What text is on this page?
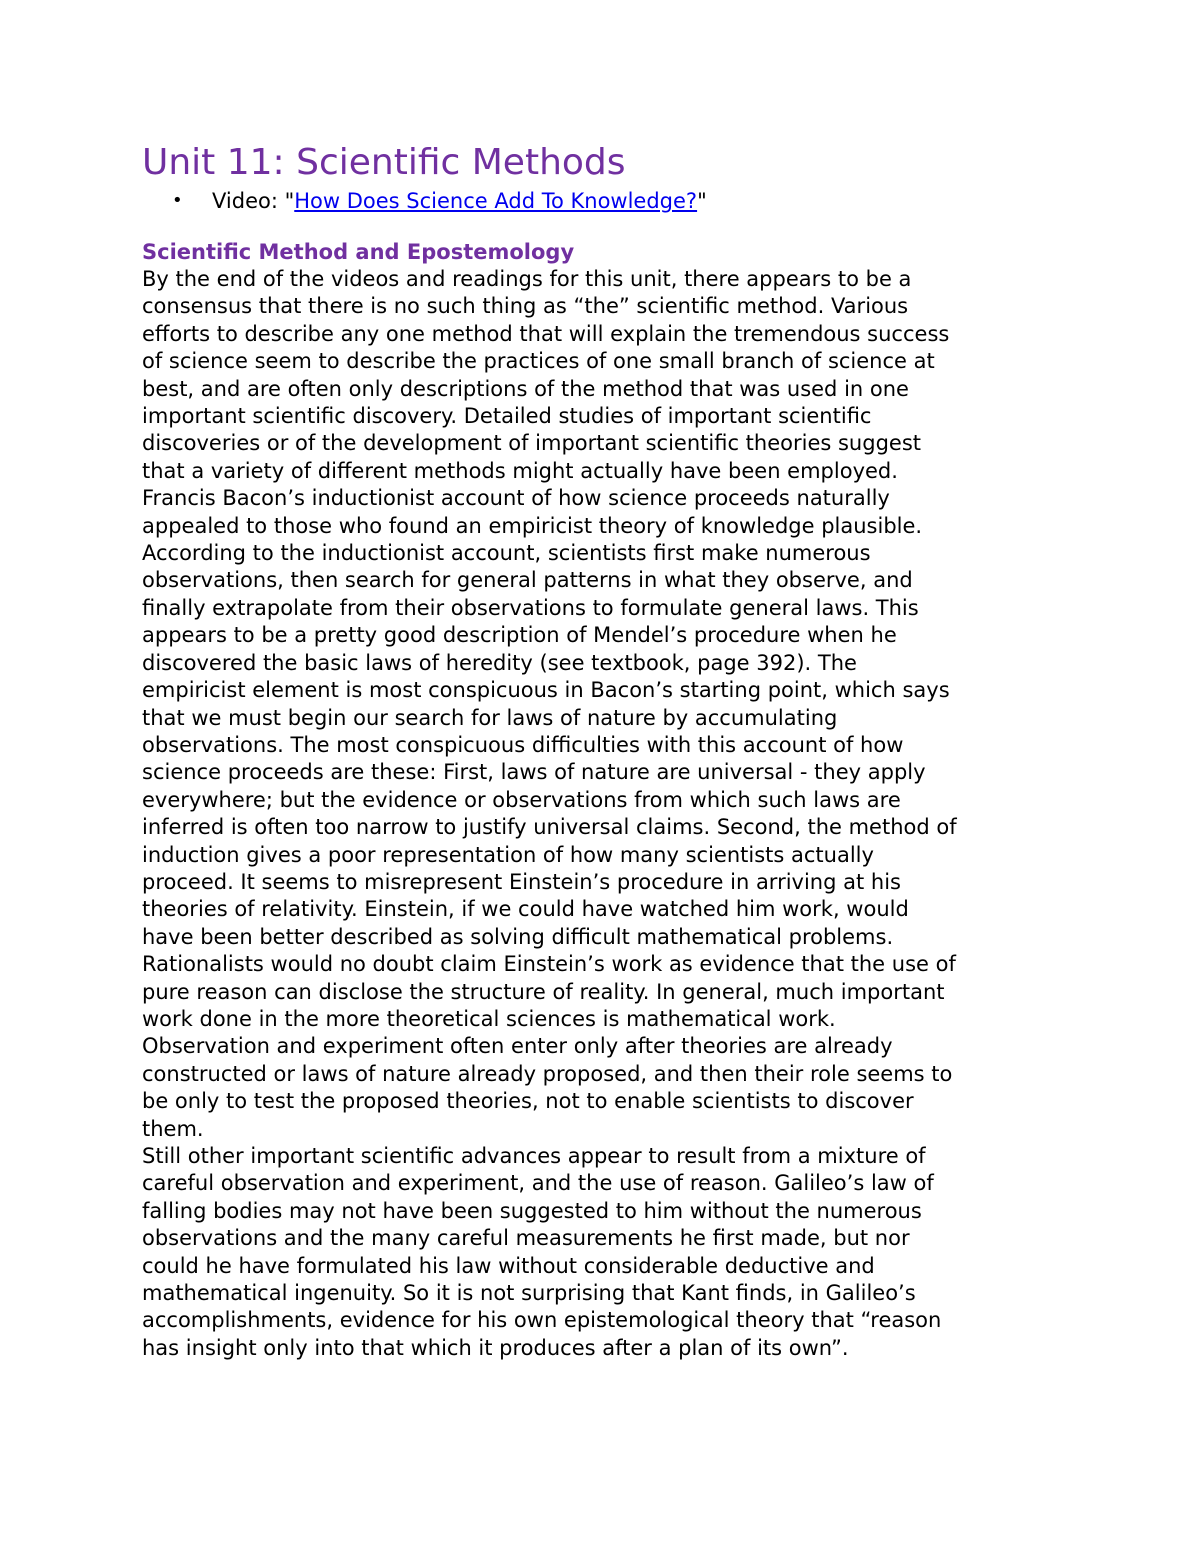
Unit 11: Scientific Methods
• Video: "How Does Science Add To Knowledge?"
Scientific Method and Epostemology
By the end of the videos and readings for this unit, there appears to be a
consensus that there is no such thing as “the” scientific method. Various
efforts to describe any one method that will explain the tremendous success
of science seem to describe the practices of one small branch of science at
best, and are often only descriptions of the method that was used in one
important scientific discovery. Detailed studies of important scientific
discoveries or of the development of important scientific theories suggest
that a variety of different methods might actually have been employed.
Francis Bacon’s inductionist account of how science proceeds naturally
appealed to those who found an empiricist theory of knowledge plausible.
According to the inductionist account, scientists first make numerous
observations, then search for general patterns in what they observe, and
finally extrapolate from their observations to formulate general laws. This
appears to be a pretty good description of Mendel’s procedure when he
discovered the basic laws of heredity (see textbook, page 392). The
empiricist element is most conspicuous in Bacon’s starting point, which says
that we must begin our search for laws of nature by accumulating
observations. The most conspicuous difficulties with this account of how
science proceeds are these: First, laws of nature are universal - they apply
everywhere; but the evidence or observations from which such laws are
inferred is often too narrow to justify universal claims. Second, the method of
induction gives a poor representation of how many scientists actually
proceed. It seems to misrepresent Einstein’s procedure in arriving at his
theories of relativity. Einstein, if we could have watched him work, would
have been better described as solving difficult mathematical problems.
Rationalists would no doubt claim Einstein’s work as evidence that the use of
pure reason can disclose the structure of reality. In general, much important
work done in the more theoretical sciences is mathematical work.
Observation and experiment often enter only after theories are already
constructed or laws of nature already proposed, and then their role seems to
be only to test the proposed theories, not to enable scientists to discover
them.
Still other important scientific advances appear to result from a mixture of
careful observation and experiment, and the use of reason. Galileo’s law of
falling bodies may not have been suggested to him without the numerous
observations and the many careful measurements he first made, but nor
could he have formulated his law without considerable deductive and
mathematical ingenuity. So it is not surprising that Kant finds, in Galileo’s
accomplishments, evidence for his own epistemological theory that “reason
has insight only into that which it produces after a plan of its own”.
